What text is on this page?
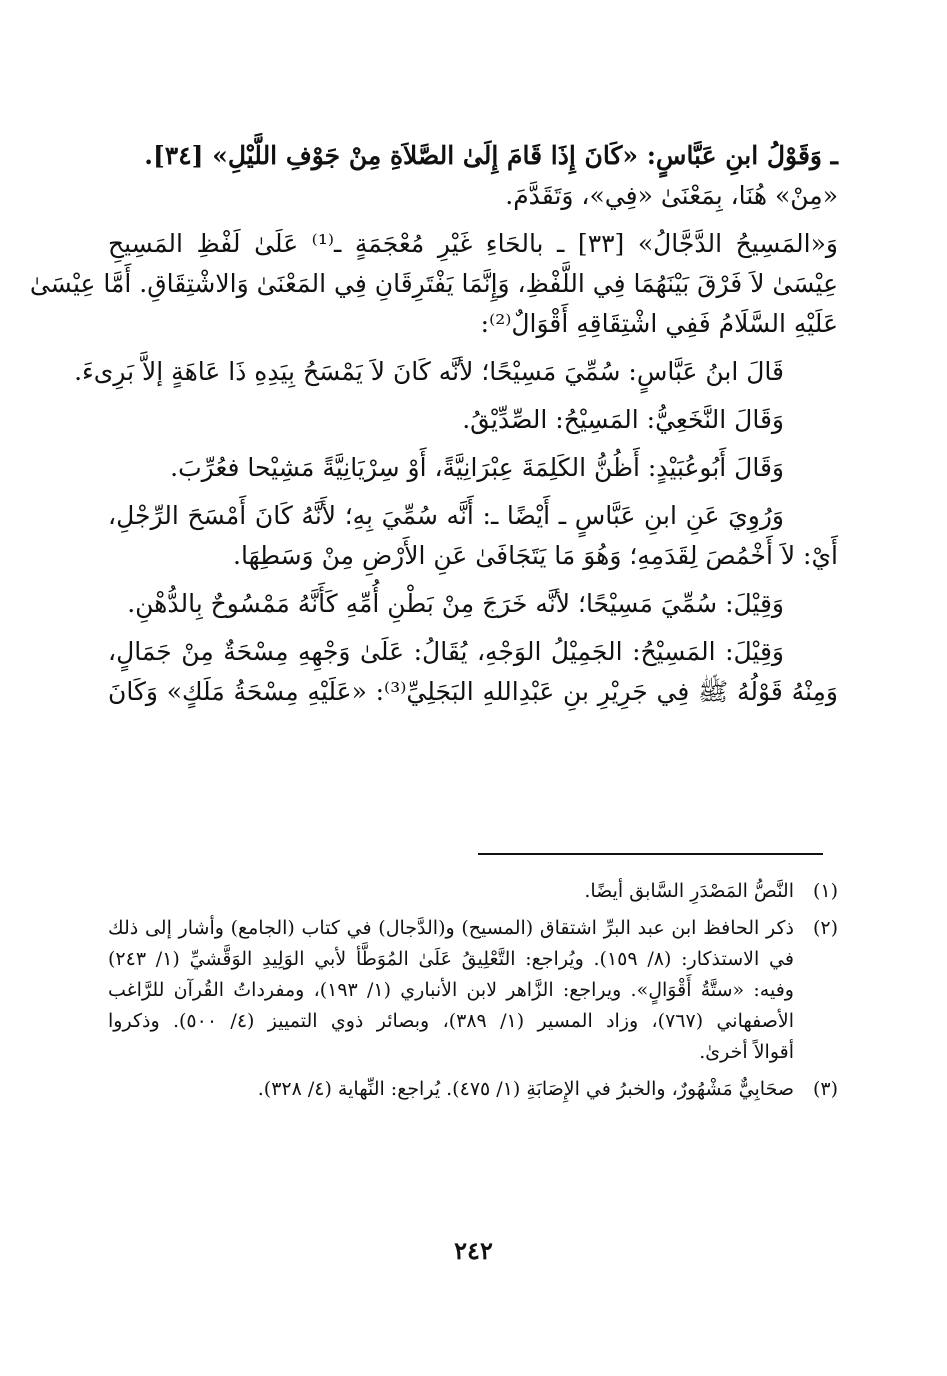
ـ وَقَوْلُ ابنِ عَبَّاسٍ: «كَانَ إِذَا قَامَ إِلَىٰ الصَّلاَةِ مِنْ جَوْفِ اللَّيْلِ» [٣٤].

«مِنْ» هُنَا، بِمَعْنَىٰ «فِي»، وَتَقَدَّمَ.

وَ«المَسِيحُ الدَّجَّالُ» [٣٣] ـ بالحَاءِ غَيْرِ مُعْجَمَةٍ ـ⁽¹⁾ عَلَىٰ لَفْظِ المَسِيحِ

عِيْسَىٰ لاَ فَرْقَ بَيْنَهُمَا فِي اللَّفْظِ، وَإِنَّمَا يَفْتَرِقَانِ فِي المَعْنَىٰ وَالاشْتِقَاقِ. أَمَّا عِيْسَىٰ

عَلَيْهِ السَّلَامُ فَفِي اشْتِقَاقِهِ أَقْوَالٌ⁽²⁾:

قَالَ ابنُ عَبَّاسٍ: سُمِّيَ مَسِيْحًا؛ لأنَّه كَانَ لاَ يَمْسَحُ بِيَدِهِ ذَا عَاهَةٍ إلاَّ بَرِىءَ.

وَقَالَ النَّخَعِيُّ: المَسِيْحُ: الصِّدِّيْقُ.

وَقَالَ أَبُوعُبَيْدٍ: أَظُنُّ الكَلِمَةَ عِبْرَانِيَّةً، أَوْ سِرْيَانِيَّةً مَشِيْحا فعُرِّبَ.

وَرُوِيَ عَنِ ابنِ عَبَّاسٍ ـ أَيْضًا ـ: أَنَّه سُمِّيَ بِهِ؛ لأَنَّهُ كَانَ أَمْسَحَ الرِّجْلِ،

أَيْ: لاَ أَخْمُصَ لِقَدَمِهِ؛ وَهُوَ مَا يَتَجَافَىٰ عَنِ الأَرْضِ مِنْ وَسَطِهَا.

وَقِيْلَ: سُمِّيَ مَسِيْحًا؛ لأنَّه خَرَجَ مِنْ بَطْنِ أُمِّهِ كَأَنَّهُ مَمْسُوحٌ بِالدُّهْنِ.

وَقِيْلَ: المَسِيْحُ: الجَمِيْلُ الوَجْهِ، يُقَالُ: عَلَىٰ وَجْهِهِ مِسْحَةٌ مِنْ جَمَالٍ،

وَمِنْهُ قَوْلُهُ ﷺ فِي جَرِيْرِ بنِ عَبْدِاللهِ البَجَلِيِّ⁽³⁾: «عَلَيْهِ مِسْحَةُ مَلَكٍ» وَكَانَ

(١)
النَّصُّ المَصْدَرِ السَّابق أيضًا.
(٢)
ذكر الحافظ ابن عبد البرِّ اشتقاق (المسيح) و(الدَّجال) في كتاب (الجامع) وأشار إلى ذلك
في الاستذكار: (٨/ ١٥٩). ويُراجع: التَّعْلِيقُ عَلَىٰ المُوَطَّأ لأبي الوَلِيدِ الوَقَّشيِّ (١/ ٢٤٣)
وفيه: «ستَّةُ أَقْوَالٍ». ويراجع: الزَّاهر لابن الأنباري (١/ ١٩٣)، ومفرداتُ القُرآن للرَّاغب
الأصفهاني (٧٦٧)، وزاد المسير (١/ ٣٨٩)، وبصائر ذوي التمييز (٤/ ٥٠٠). وذكروا
أقوالاً أخرىٰ.
(٣)
صحَابِيٌّ مَشْهُورٌ، والخبرُ في الإِصَابَةِ (١/ ٤٧٥). يُراجع: النِّهاية (٤/ ٣٢٨).
٢٤٢
